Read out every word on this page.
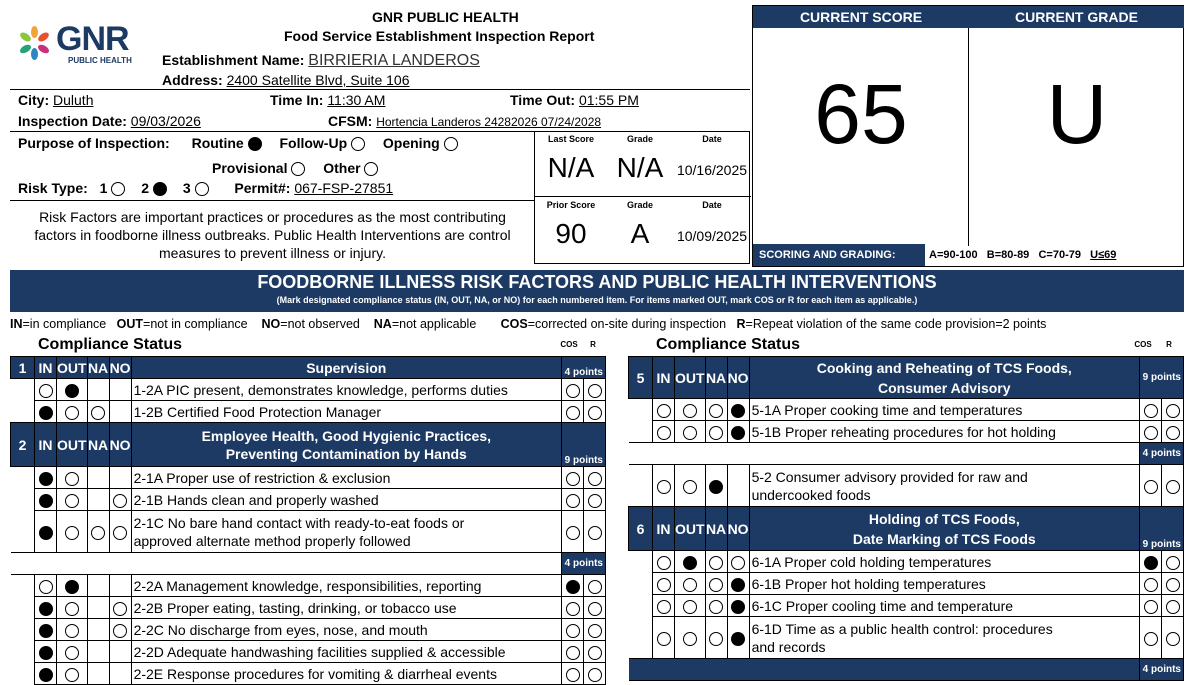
GNR
PUBLIC HEALTH
GNR PUBLIC HEALTH
Food Service Establishment Inspection Report
Establishment Name: BIRRIERIA LANDEROS
Address: 2400 Satellite Blvd, Suite 106
City: Duluth	Time In: 11:30 AM	Time Out: 01:55 PM
Inspection Date: 09/03/2026	CFSM: Hortencia Landeros 24282026 07/24/2028
Purpose of Inspection: Routine	Follow-Up	Opening
Provisional	Other
Risk Type: 1 2 3	Permit#: 067-FSP-27851
Risk Factors are important practices or procedures as the most contributing factors in foodborne illness outbreaks. Public Health Interventions are control measures to prevent illness or injury.
Last Score	Grade	Date
N/A N/A 10/16/2025
Prior Score	Grade	Date
90	A	10/09/2025
CURRENT SCORE	CURRENT GRADE
65	U
SCORING AND GRADING:	A=90-100 B=80-89 C=70-79 U≤69
FOODBORNE ILLNESS RISK FACTORS AND PUBLIC HEALTH INTERVENTIONS
(Mark designated compliance status (IN, OUT, NA, or NO) for each numbered item. For items marked OUT, mark COS or R for each item as applicable.)
IN=in compliance OUT=not in compliance NO=not observed NA=not applicable COS=corrected on-site during inspection R=Repeat violation of the same code provision=2 points
Compliance Status	COS	R
1	IN	OUT	NA	NO	Supervision	4 points	
					1-2A PIC present, demonstrates knowledge, performs duties		
					1-2B Certified Food Protection Manager		
2	IN	OUT	NA	NO	Employee Health, Good Hygienic Practices,
Preventing Contamination by Hands	9 points	
					2-1A Proper use of restriction & exclusion		
					2-1B Hands clean and properly washed		
					2-1C No bare hand contact with ready-to-eat foods or
approved alternate method properly followed		
						4 points	
					2-2A Management knowledge, responsibilities, reporting		
					2-2B Proper eating, tasting, drinking, or tobacco use		
					2-2C No discharge from eyes, nose, and mouth		
					2-2D Adequate handwashing facilities supplied & accessible		
					2-2E Response procedures for vomiting & diarrheal events		
Compliance Status	COS	R
5	IN	OUT	NA	NO	Cooking and Reheating of TCS Foods,
Consumer Advisory	9 points	
					5-1A Proper cooking time and temperatures		
					5-1B Proper reheating procedures for hot holding		
						4 points	
					5-2 Consumer advisory provided for raw and
undercooked foods		
6	IN	OUT	NA	NO	Holding of TCS Foods,
Date Marking of TCS Foods	9 points	
					6-1A Proper cold holding temperatures		
					6-1B Proper hot holding temperatures		
					6-1C Proper cooling time and temperature		
					6-1D Time as a public health control: procedures
and records		
						4 points	
